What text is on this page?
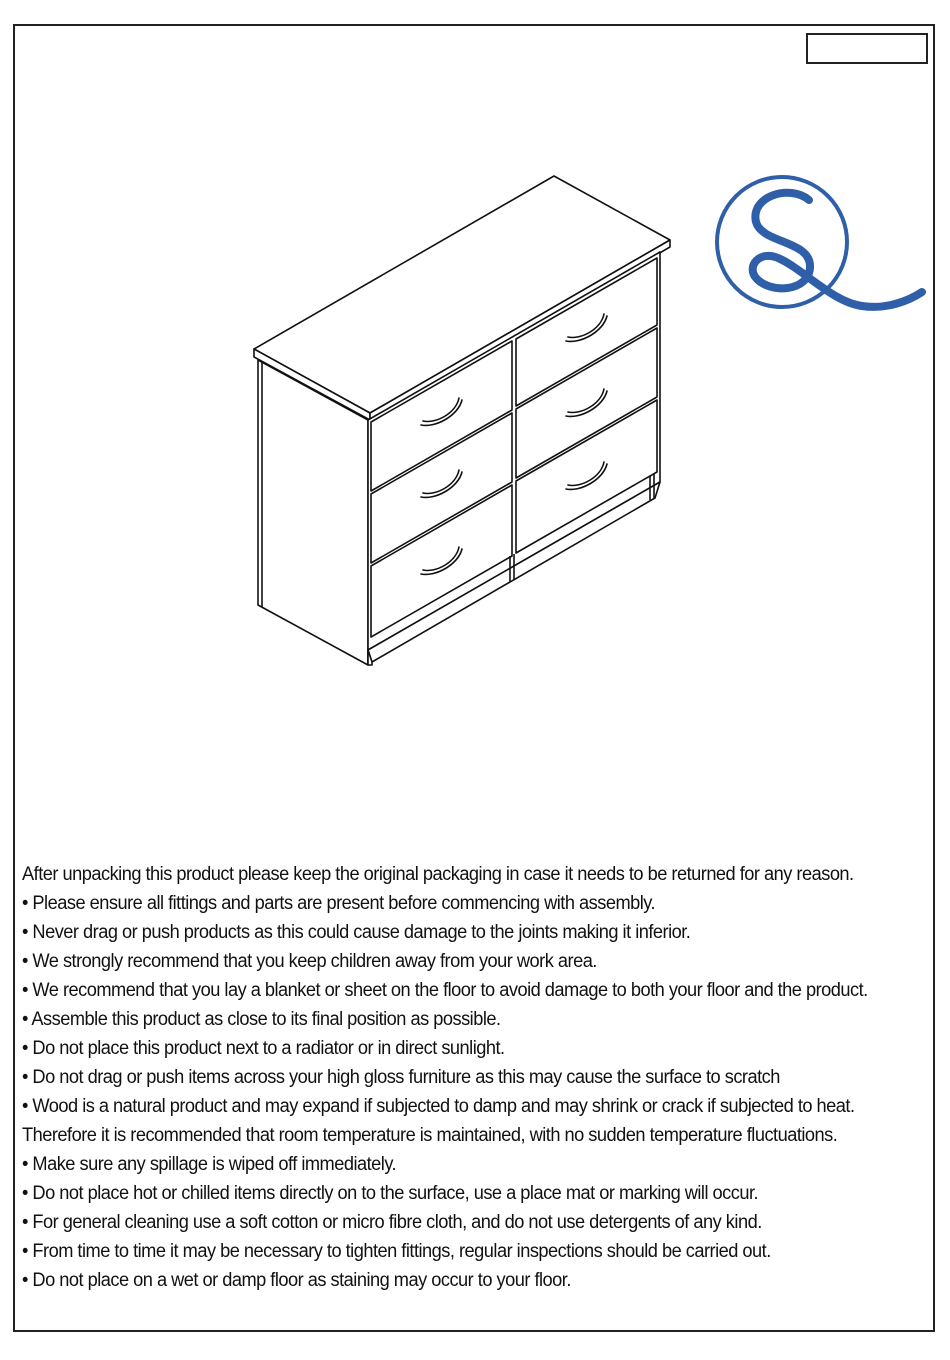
After unpacking this product please keep the original packaging in case it needs to be returned for any reason.
• Please ensure all fittings and parts are present before commencing with assembly.
• Never drag or push products as this could cause damage to the joints making it inferior.
• We strongly recommend that you keep children away from your work area.
• We recommend that you lay a blanket or sheet on the floor to avoid damage to both your floor and the product.
• Assemble this product as close to its final position as possible.
• Do not place this product next to a radiator or in direct sunlight.
• Do not drag or push items across your high gloss furniture as this may cause the surface to scratch
• Wood is a natural product and may expand if subjected to damp and may shrink or crack if subjected to heat.
Therefore it is recommended that room temperature is maintained, with no sudden temperature fluctuations.
• Make sure any spillage is wiped off immediately.
• Do not place hot or chilled items directly on to the surface, use a place mat or marking will occur.
• For general cleaning use a soft cotton or micro fibre cloth, and do not use detergents of any kind.
• From time to time it may be necessary to tighten fittings, regular inspections should be carried out.
• Do not place on a wet or damp floor as staining may occur to your floor.
